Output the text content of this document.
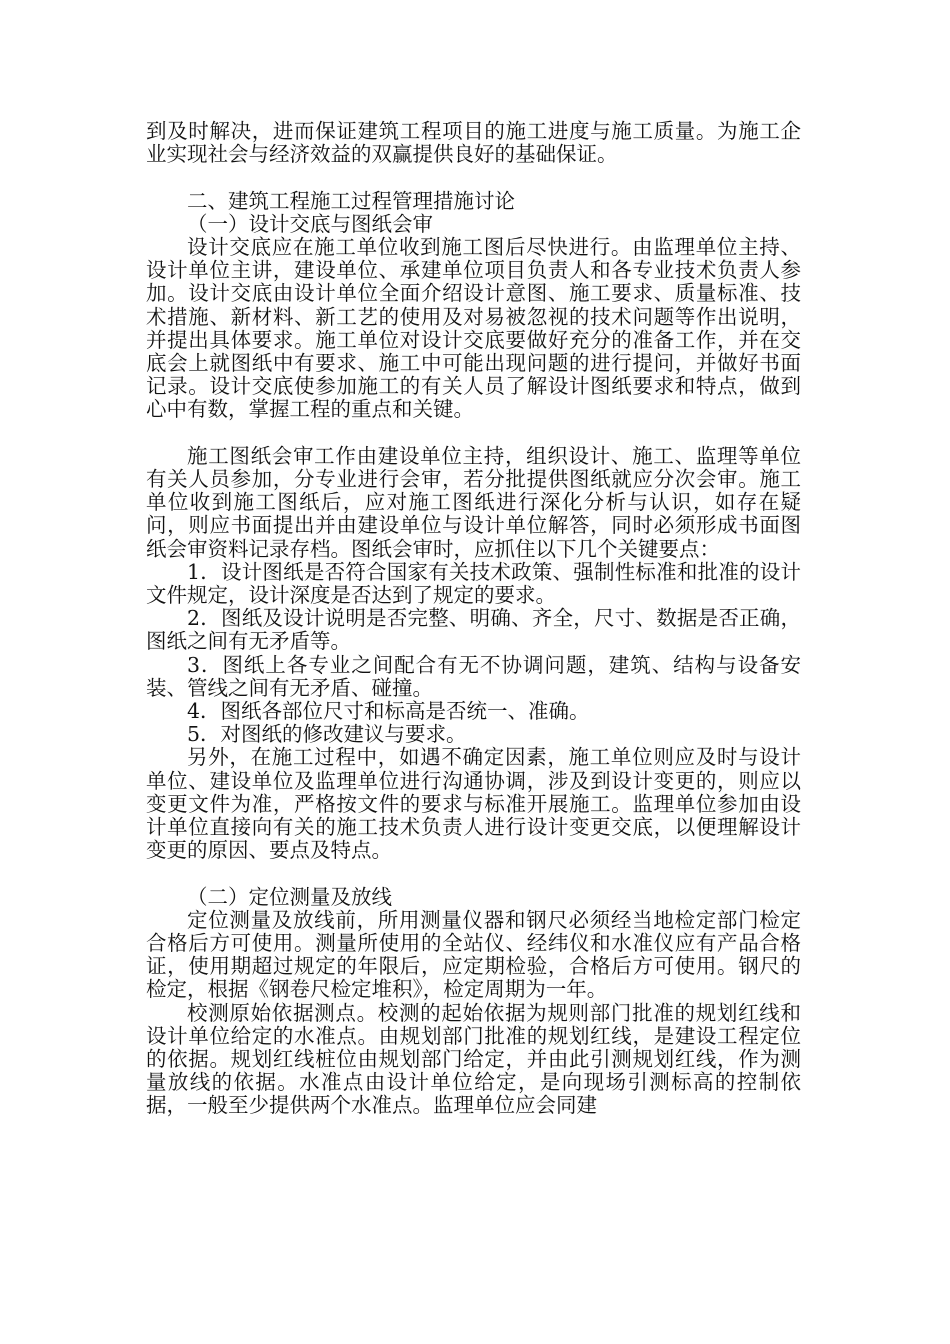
到及时解决，进而保证建筑工程项目的施工进度与施工质量。为施工企业实现社会与经济效益的双赢提供良好的基础保证。

二、建筑工程施工过程管理措施讨论

（一）设计交底与图纸会审

设计交底应在施工单位收到施工图后尽快进行。由监理单位主持、设计单位主讲，建设单位、承建单位项目负责人和各专业技术负责人参加。设计交底由设计单位全面介绍设计意图、施工要求、质量标准、技术措施、新材料、新工艺的使用及对易被忽视的技术问题等作出说明，并提出具体要求。施工单位对设计交底要做好充分的准备工作，并在交底会上就图纸中有要求、施工中可能出现问题的进行提问，并做好书面记录。设计交底使参加施工的有关人员了解设计图纸要求和特点，做到心中有数，掌握工程的重点和关键。

施工图纸会审工作由建设单位主持，组织设计、施工、监理等单位有关人员参加，分专业进行会审，若分批提供图纸就应分次会审。施工单位收到施工图纸后，应对施工图纸进行深化分析与认识，如存在疑问，则应书面提出并由建设单位与设计单位解答，同时必须形成书面图纸会审资料记录存档。图纸会审时，应抓住以下几个关键要点：

1．设计图纸是否符合国家有关技术政策、强制性标准和批准的设计文件规定，设计深度是否达到了规定的要求。

2．图纸及设计说明是否完整、明确、齐全，尺寸、数据是否正确，图纸之间有无矛盾等。

3．图纸上各专业之间配合有无不协调问题，建筑、结构与设备安装、管线之间有无矛盾、碰撞。

4．图纸各部位尺寸和标高是否统一、准确。

5．对图纸的修改建议与要求。

另外，在施工过程中，如遇不确定因素，施工单位则应及时与设计单位、建设单位及监理单位进行沟通协调，涉及到设计变更的，则应以变更文件为准，严格按文件的要求与标准开展施工。监理单位参加由设计单位直接向有关的施工技术负责人进行设计变更交底，以便理解设计变更的原因、要点及特点。

（二）定位测量及放线

定位测量及放线前，所用测量仪器和钢尺必须经当地检定部门检定合格后方可使用。测量所使用的全站仪、经纬仪和水准仪应有产品合格证，使用期超过规定的年限后，应定期检验，合格后方可使用。钢尺的检定，根据《钢卷尺检定堆积》，检定周期为一年。

校测原始依据测点。校测的起始依据为规则部门批准的规划红线和设计单位给定的水准点。由规划部门批准的规划红线，是建设工程定位的依据。规划红线桩位由规划部门给定，并由此引测规划红线，作为测量放线的依据。水准点由设计单位给定，是向现场引测标高的控制依据，一般至少提供两个水准点。监理单位应会同建
